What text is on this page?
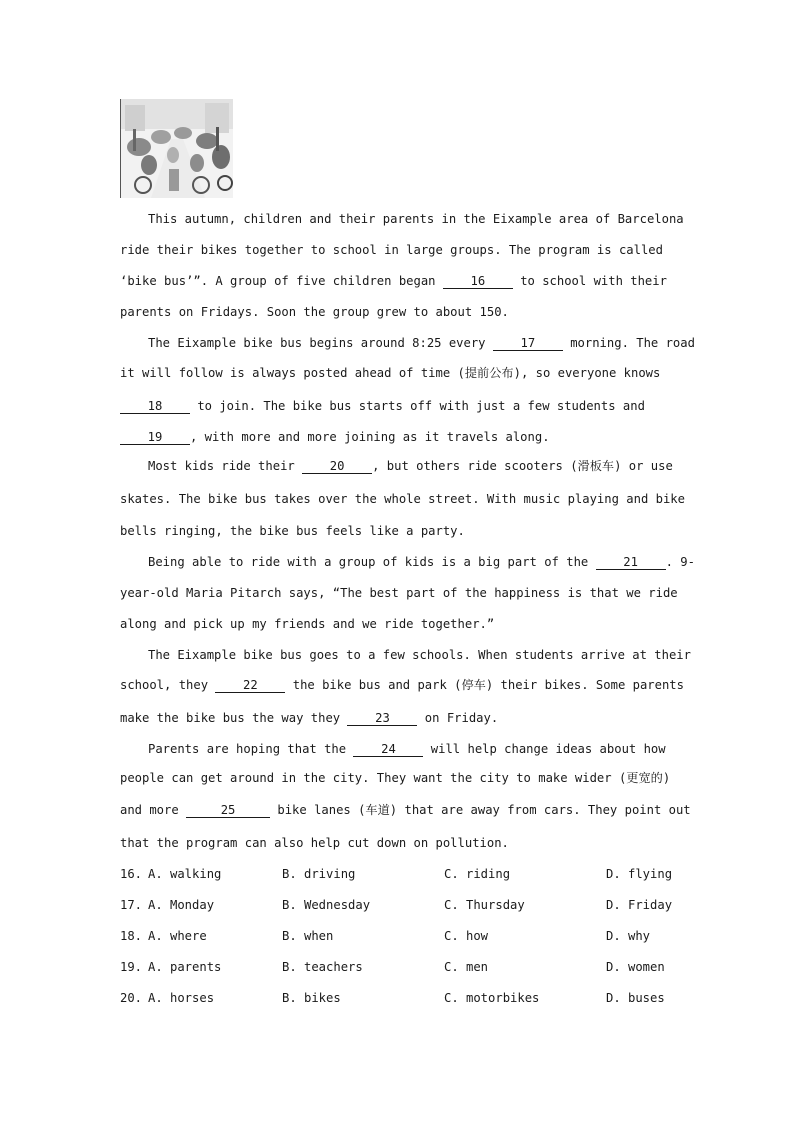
This autumn, children and their parents in the Eixample area of Barcelona
ride their bikes together to school in large groups. The program is called
‘bike bus’”. A group of five children began 16 to school with their
parents on Fridays. Soon the group grew to about 150.
The Eixample bike bus begins around 8:25 every 17 morning. The road
it will follow is always posted ahead of time (提前公布), so everyone knows
18 to join. The bike bus starts off with just a few students and
19 , with more and more joining as it travels along.
Most kids ride their 20 , but others ride scooters (滑板车) or use
skates. The bike bus takes over the whole street. With music playing and bike
bells ringing, the bike bus feels like a party.
Being able to ride with a group of kids is a big part of the 21 . 9-
year-old Maria Pitarch says, “The best part of the happiness is that we ride
along and pick up my friends and we ride together.”
The Eixample bike bus goes to a few schools. When students arrive at their
school, they 22 the bike bus and park (停车) their bikes. Some parents
make the bike bus the way they 23 on Friday.
Parents are hoping that the 24 will help change ideas about how
people can get around in the city. They want the city to make wider (更宽的)
and more	25	bike lanes (车道) that are away from cars. They point out
that the program can also help cut down on pollution.
16. A. walking	B. driving	C. riding	D. flying
17. A. Monday	B. Wednesday	C. Thursday	D. Friday
18. A. where	B. when	C. how	D. why
19. A. parents	B. teachers	C. men	D. women
20. A. horses	B. bikes	C. motorbikes	D. buses
